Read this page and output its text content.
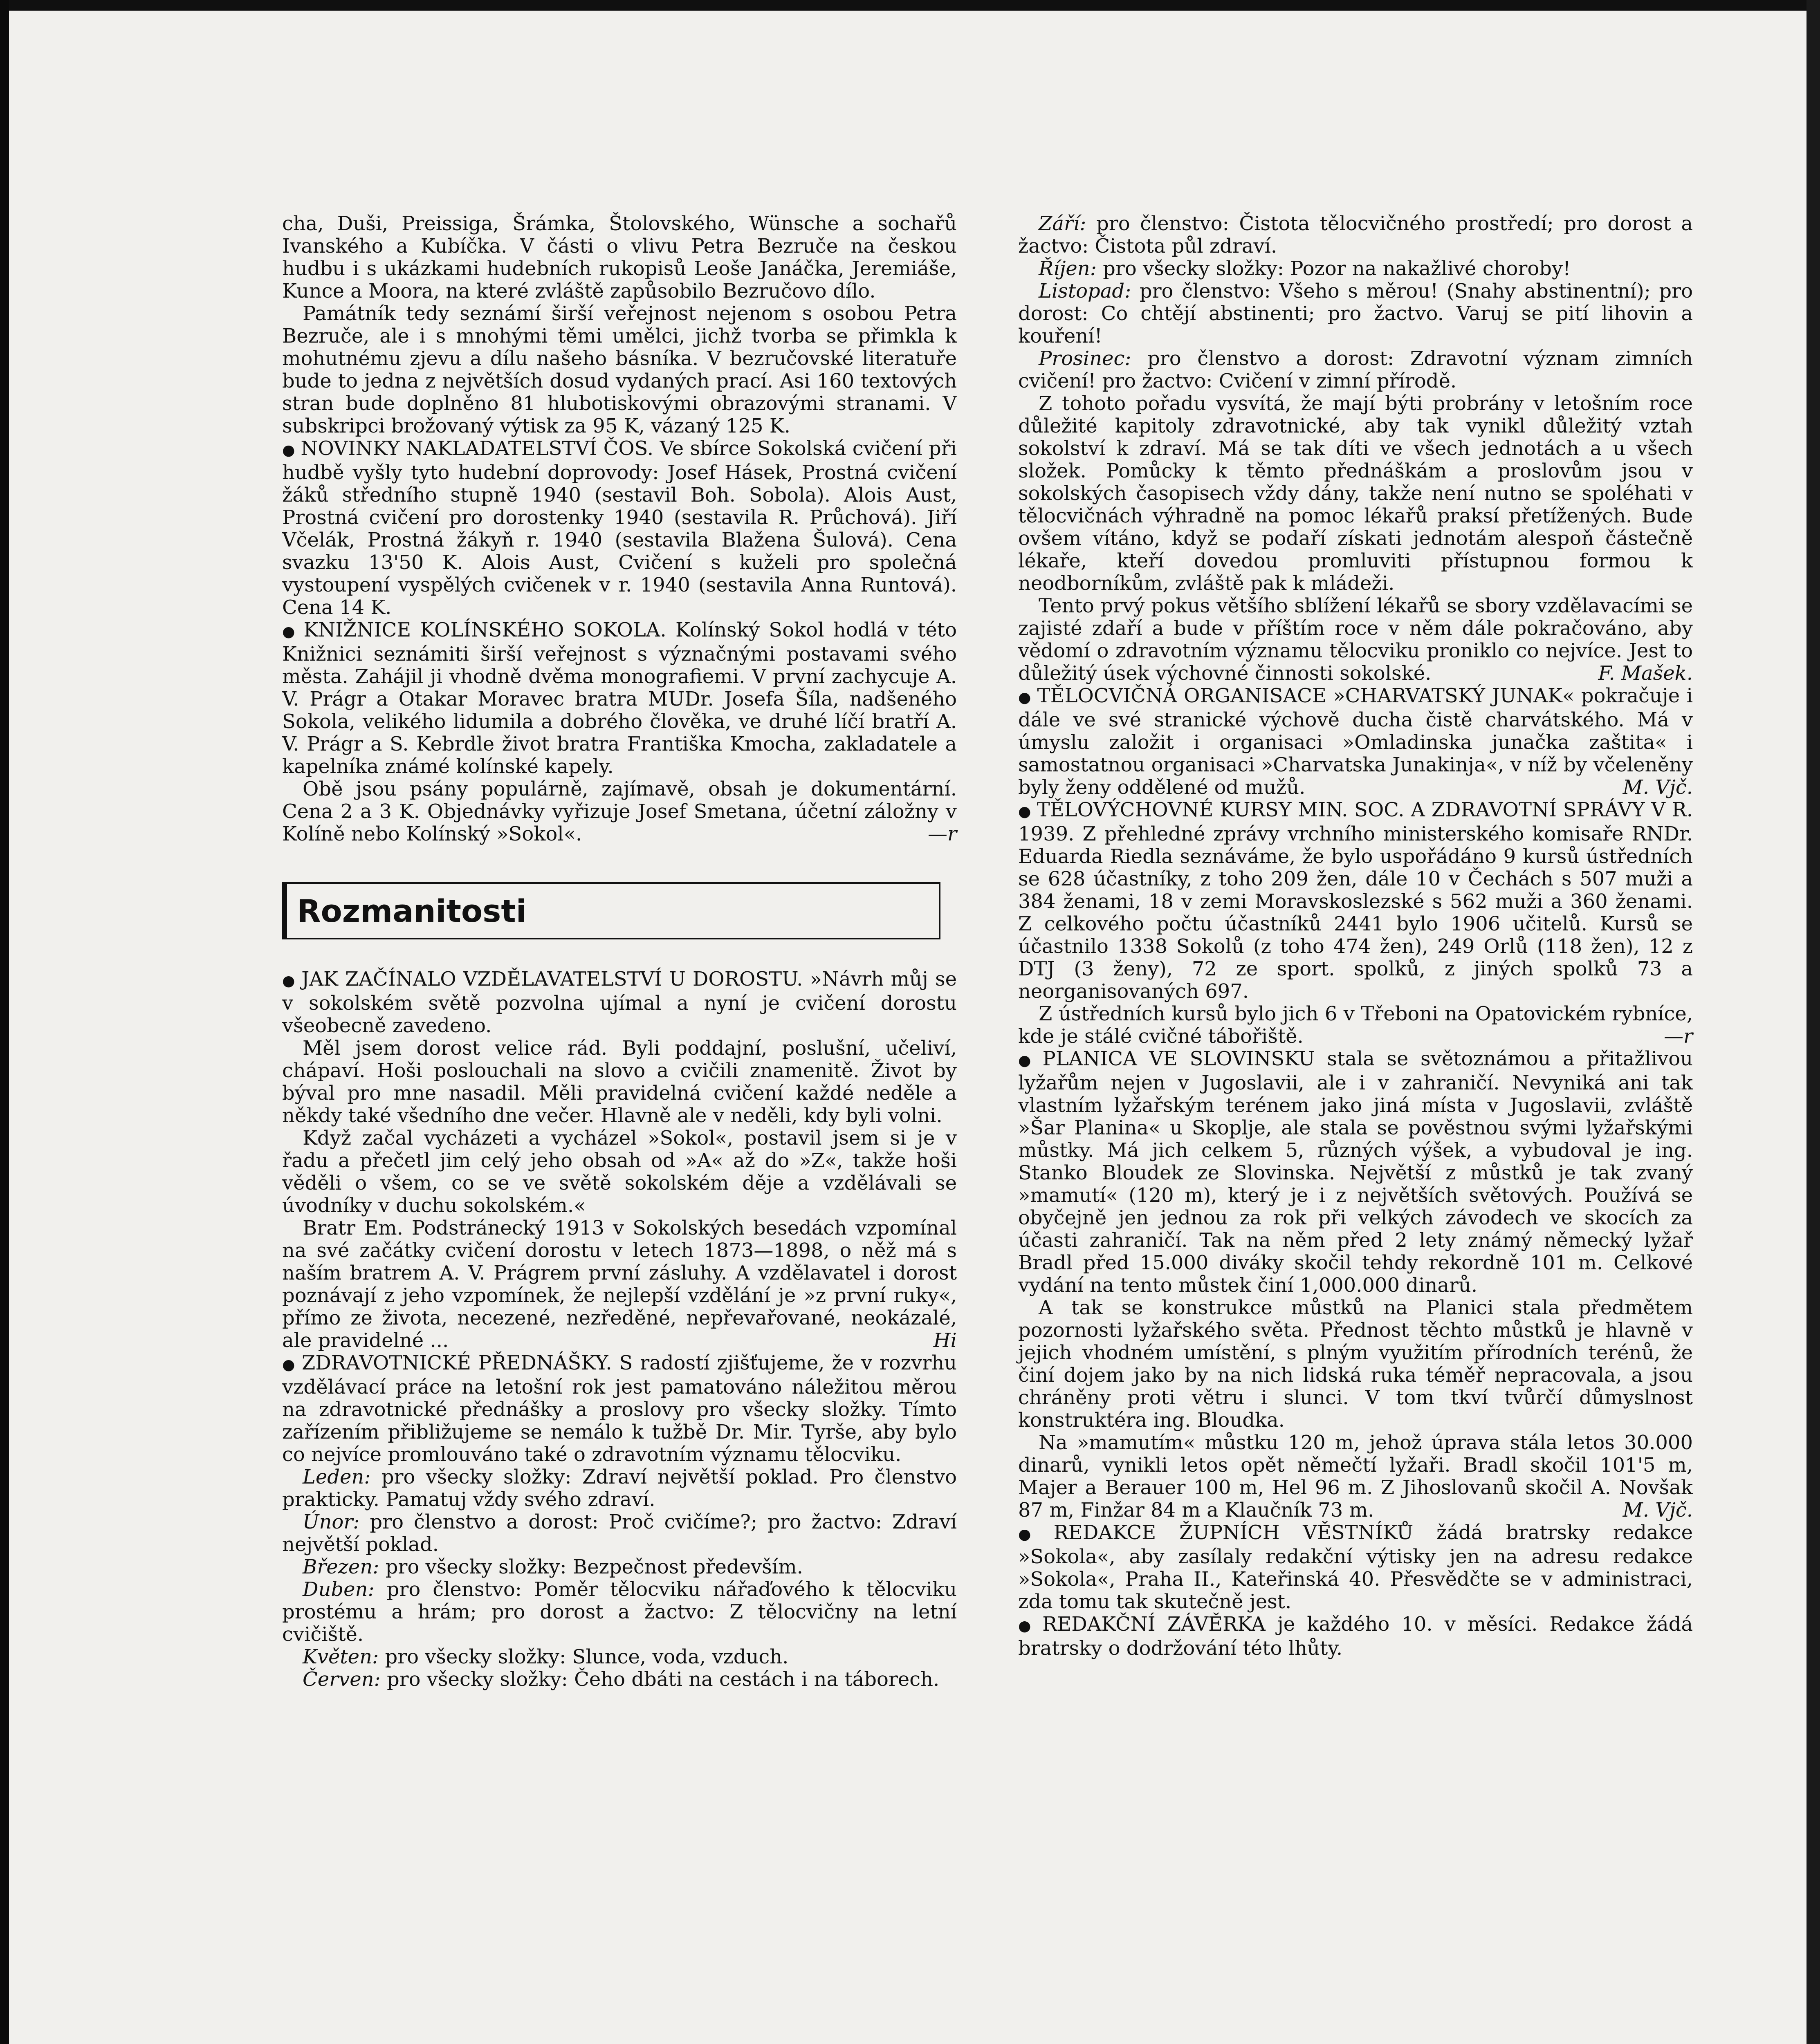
cha, Duši, Preissiga, Šrámka, Štolovského, Wünsche a sochařů Ivanského a Kubíčka. V části o vlivu Petra Bezruče na českou hudbu i s ukázkami hudebních rukopisů Leoše Janáčka, Jeremiáše, Kunce a Moora, na které zvláště zapůsobilo Bezručovo dílo.

Památník tedy seznámí širší veřejnost nejenom s osobou Petra Bezruče, ale i s mnohými těmi umělci, jichž tvorba se přimkla k mohutnému zjevu a dílu našeho básníka. V bezručovské literatuře bude to jedna z největších dosud vydaných prací. Asi 160 textových stran bude doplněno 81 hlubotiskovými obrazovými stranami. V subskripci brožovaný výtisk za 95 K, vázaný 125 K.

● NOVINKY NAKLADATELSTVÍ ČOS. Ve sbírce Sokolská cvičení při hudbě vyšly tyto hudební doprovody: Josef Hásek, Prostná cvičení žáků středního stupně 1940 (sestavil Boh. Sobola). Alois Aust, Prostná cvičení pro dorostenky 1940 (sestavila R. Průchová). Jiří Včelák, Prostná žákyň r. 1940 (sestavila Blažena Šulová). Cena svazku 13'50 K. Alois Aust, Cvičení s kuželi pro společná vystoupení vyspělých cvičenek v r. 1940 (sestavila Anna Runtová). Cena 14 K.

● KNIŽNICE KOLÍNSKÉHO SOKOLA. Kolínský Sokol hodlá v této Knižnici seznámiti širší veřejnost s význačnými postavami svého města. Zahájil ji vhodně dvěma monografiemi. V první zachycuje A. V. Prágr a Otakar Moravec bratra MUDr. Josefa Šíla, nadšeného Sokola, velikého lidumila a dobrého člověka, ve druhé líčí bratří A. V. Prágr a S. Kebrdle život bratra Františka Kmocha, zakladatele a kapelníka známé kolínské kapely.

Obě jsou psány populárně, zajímavě, obsah je dokumentární. Cena 2 a 3 K. Objednávky vyřizuje Josef Smetana, účetní záložny v Kolíně nebo Kolínský »Sokol«.	—r

Rozmanitosti

● JAK ZAČÍNALO VZDĚLAVATELSTVÍ U DOROSTU. »Návrh můj se v sokolském světě pozvolna ujímal a nyní je cvičení dorostu všeobecně zavedeno.

Měl jsem dorost velice rád. Byli poddajní, poslušní, učeliví, chápaví. Hoši poslouchali na slovo a cvičili znamenitě. Život by býval pro mne nasadil. Měli pravidelná cvičení každé neděle a někdy také všedního dne večer. Hlavně ale v neděli, kdy byli volni.

Když začal vycházeti a vycházel »Sokol«, postavil jsem si je v řadu a přečetl jim celý jeho obsah od »A« až do »Z«, takže hoši věděli o všem, co se ve světě sokolském děje a vzdělávali se úvodníky v duchu sokolském.«

Bratr Em. Podstránecký 1913 v Sokolských besedách vzpomínal na své začátky cvičení dorostu v letech 1873—1898, o něž má s naším bratrem A. V. Prágrem první zásluhy. A vzdělavatel i dorost poznávají z jeho vzpomínek, že nejlepší vzdělání je »z první ruky«, přímo ze života, necezené, nezředěné, nepřevařované, neokázalé, ale pravidelné ...	Hi

● ZDRAVOTNICKÉ PŘEDNÁŠKY. S radostí zjišťujeme, že v rozvrhu vzdělávací práce na letošní rok jest pamatováno náležitou měrou na zdravotnické přednášky a proslovy pro všecky složky. Tímto zařízením přibližujeme se nemálo k tužbě Dr. Mir. Tyrše, aby bylo co nejvíce promlouváno také o zdravotním významu tělocviku.

Leden: pro všecky složky: Zdraví největší poklad. Pro členstvo prakticky. Pamatuj vždy svého zdraví.

Únor: pro členstvo a dorost: Proč cvičíme?; pro žactvo: Zdraví největší poklad.

Březen: pro všecky složky: Bezpečnost především.

Duben: pro členstvo: Poměr tělocviku nářaďového k tělocviku prostému a hrám; pro dorost a žactvo: Z tělocvičny na letní cvičiště.

Květen: pro všecky složky: Slunce, voda, vzduch.

Červen: pro všecky složky: Čeho dbáti na cestách i na táborech.

Září: pro členstvo: Čistota tělocvičného prostředí; pro dorost a žactvo: Čistota půl zdraví.

Říjen: pro všecky složky: Pozor na nakažlivé choroby!

Listopad: pro členstvo: Všeho s měrou! (Snahy abstinentní); pro dorost: Co chtějí abstinenti; pro žactvo. Varuj se pití lihovin a kouření!

Prosinec: pro členstvo a dorost: Zdravotní význam zimních cvičení! pro žactvo: Cvičení v zimní přírodě.

Z tohoto pořadu vysvítá, že mají býti probrány v letošním roce důležité kapitoly zdravotnické, aby tak vynikl důležitý vztah sokolství k zdraví. Má se tak díti ve všech jednotách a u všech složek. Pomůcky k těmto přednáškám a proslovům jsou v sokolských časopisech vždy dány, takže není nutno se spoléhati v tělocvičnách výhradně na pomoc lékařů praksí přetížených. Bude ovšem vítáno, když se podaří získati jednotám alespoň částečně lékaře, kteří dovedou promluviti přístupnou formou k neodborníkům, zvláště pak k mládeži.

Tento prvý pokus většího sblížení lékařů se sbory vzdělavacími se zajisté zdaří a bude v příštím roce v něm dále pokračováno, aby vědomí o zdravotním významu tělocviku proniklo co nejvíce. Jest to důležitý úsek výchovné činnosti sokolské.	F. Mašek.

● TĚLOCVIČNÁ ORGANISACE »CHARVATSKÝ JUNAK« pokračuje i dále ve své stranické výchově ducha čistě charvátského. Má v úmyslu založit i organisaci »Omladinska junačka zaštita« i samostatnou organisaci »Charvatska Junakinja«, v níž by včeleněny byly ženy oddělené od mužů.	M. Vjč.

● TĚLOVÝCHOVNÉ KURSY MIN. SOC. A ZDRAVOTNÍ SPRÁVY V R. 1939. Z přehledné zprávy vrchního ministerského komisaře RNDr. Eduarda Riedla seznáváme, že bylo uspořádáno 9 kursů ústředních se 628 účastníky, z toho 209 žen, dále 10 v Čechách s 507 muži a 384 ženami, 18 v zemi Moravskoslezské s 562 muži a 360 ženami. Z celkového počtu účastníků 2441 bylo 1906 učitelů. Kursů se účastnilo 1338 Sokolů (z toho 474 žen), 249 Orlů (118 žen), 12 z DTJ (3 ženy), 72 ze sport. spolků, z jiných spolků 73 a neorganisovaných 697.

Z ústředních kursů bylo jich 6 v Třeboni na Opatovickém rybníce, kde je stálé cvičné tábořiště.	—r

● PLANICA VE SLOVINSKU stala se světoznámou a přitažlivou lyžařům nejen v Jugoslavii, ale i v zahraničí. Nevyniká ani tak vlastním lyžařským terénem jako jiná místa v Jugoslavii, zvláště »Šar Planina« u Skoplje, ale stala se pověstnou svými lyžařskými můstky. Má jich celkem 5, různých výšek, a vybudoval je ing. Stanko Bloudek ze Slovinska. Největší z můstků je tak zvaný »mamutí« (120 m), který je i z největších světových. Používá se obyčejně jen jednou za rok při velkých závodech ve skocích za účasti zahraničí. Tak na něm před 2 lety známý německý lyžař Bradl před 15.000 diváky skočil tehdy rekordně 101 m. Celkové vydání na tento můstek činí 1,000.000 dinarů.

A tak se konstrukce můstků na Planici stala předmětem pozornosti lyžařského světa. Přednost těchto můstků je hlavně v jejich vhodném umístění, s plným využitím přírodních terénů, že činí dojem jako by na nich lidská ruka téměř nepracovala, a jsou chráněny proti větru i slunci. V tom tkví tvůrčí důmyslnost konstruktéra ing. Bloudka.

Na »mamutím« můstku 120 m, jehož úprava stála letos 30.000 dinarů, vynikli letos opět němečtí lyžaři. Bradl skočil 101'5 m, Majer a Berauer 100 m, Hel 96 m. Z Jihoslovanů skočil A. Novšak 87 m, Finžar 84 m a Klaučník 73 m.	M. Vjč.

● REDAKCE ŽUPNÍCH VĚSTNÍKŮ žádá bratrsky redakce »Sokola«, aby zasílaly redakční výtisky jen na adresu redakce »Sokola«, Praha II., Kateřinská 40. Přesvědčte se v administraci, zda tomu tak skutečně jest.

● REDAKČNÍ ZÁVĚRKA je každého 10. v měsíci. Redakce žádá bratrsky o dodržování této lhůty.
